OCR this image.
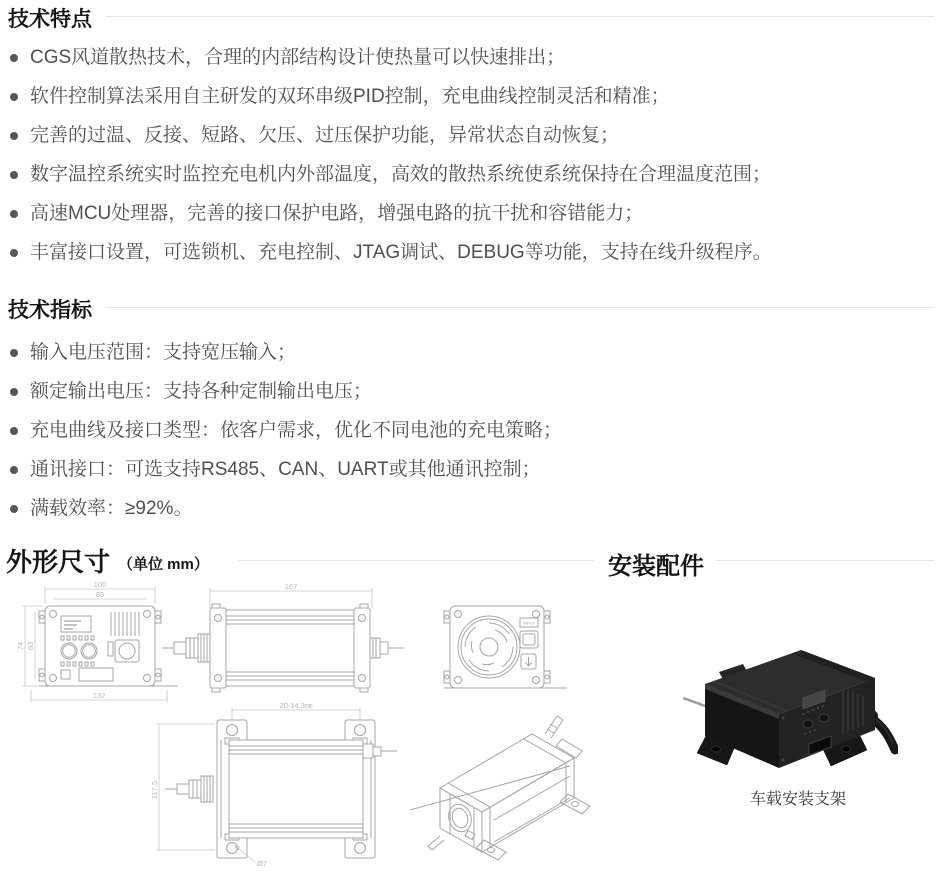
技术特点
CGS风道散热技术，合理的内部结构设计使热量可以快速排出；
软件控制算法采用自主研发的双环串级PID控制，充电曲线控制灵活和精准；
完善的过温、反接、短路、欠压、过压保护功能，异常状态自动恢复；
数字温控系统实时监控充电机内外部温度，高效的散热系统使系统保持在合理温度范围；
高速MCU处理器，完善的接口保护电路，增强电路的抗干扰和容错能力；
丰富接口设置，可选锁机、充电控制、JTAG调试、DEBUG等功能，支持在线升级程序。
技术指标
输入电压范围：支持宽压输入；
额定输出电压：支持各种定制输出电压；
充电曲线及接口类型：依客户需求，优化不同电池的充电策略；
通讯接口：可选支持RS485、CAN、UART或其他通讯控制；
满载效率：≥92%。
外形尺寸 （单位 mm）	安装配件
100
85
74 63
132
167
INPUT
20-14.3㎜
117.5
Ø7
车载安装支架
